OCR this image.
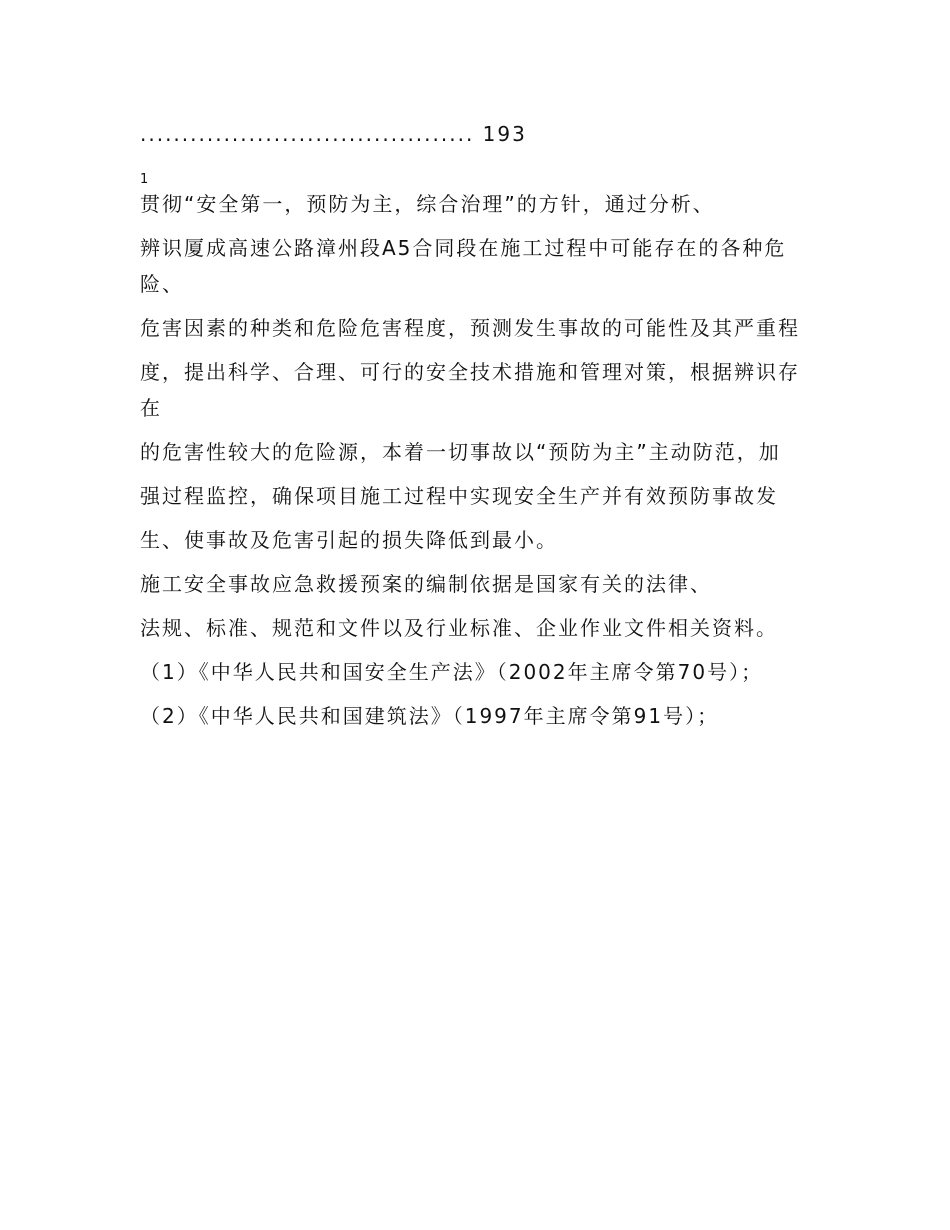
........................................ 193
1

贯彻“安全第一，预防为主，综合治理”的方针，通过分析、

辨识厦成高速公路漳州段A5合同段在施工过程中可能存在的各种危险、

危害因素的种类和危险危害程度，预测发生事故的可能性及其严重程

度，提出科学、合理、可行的安全技术措施和管理对策，根据辨识存在

的危害性较大的危险源，本着一切事故以“预防为主”主动防范，加

强过程监控，确保项目施工过程中实现安全生产并有效预防事故发

生、使事故及危害引起的损失降低到最小。

施工安全事故应急救援预案的编制依据是国家有关的法律、

法规、标准、规范和文件以及行业标准、企业作业文件相关资料。

（1）《中华人民共和国安全生产法》（2002年主席令第70号）；

（2）《中华人民共和国建筑法》（1997年主席令第91号）；
